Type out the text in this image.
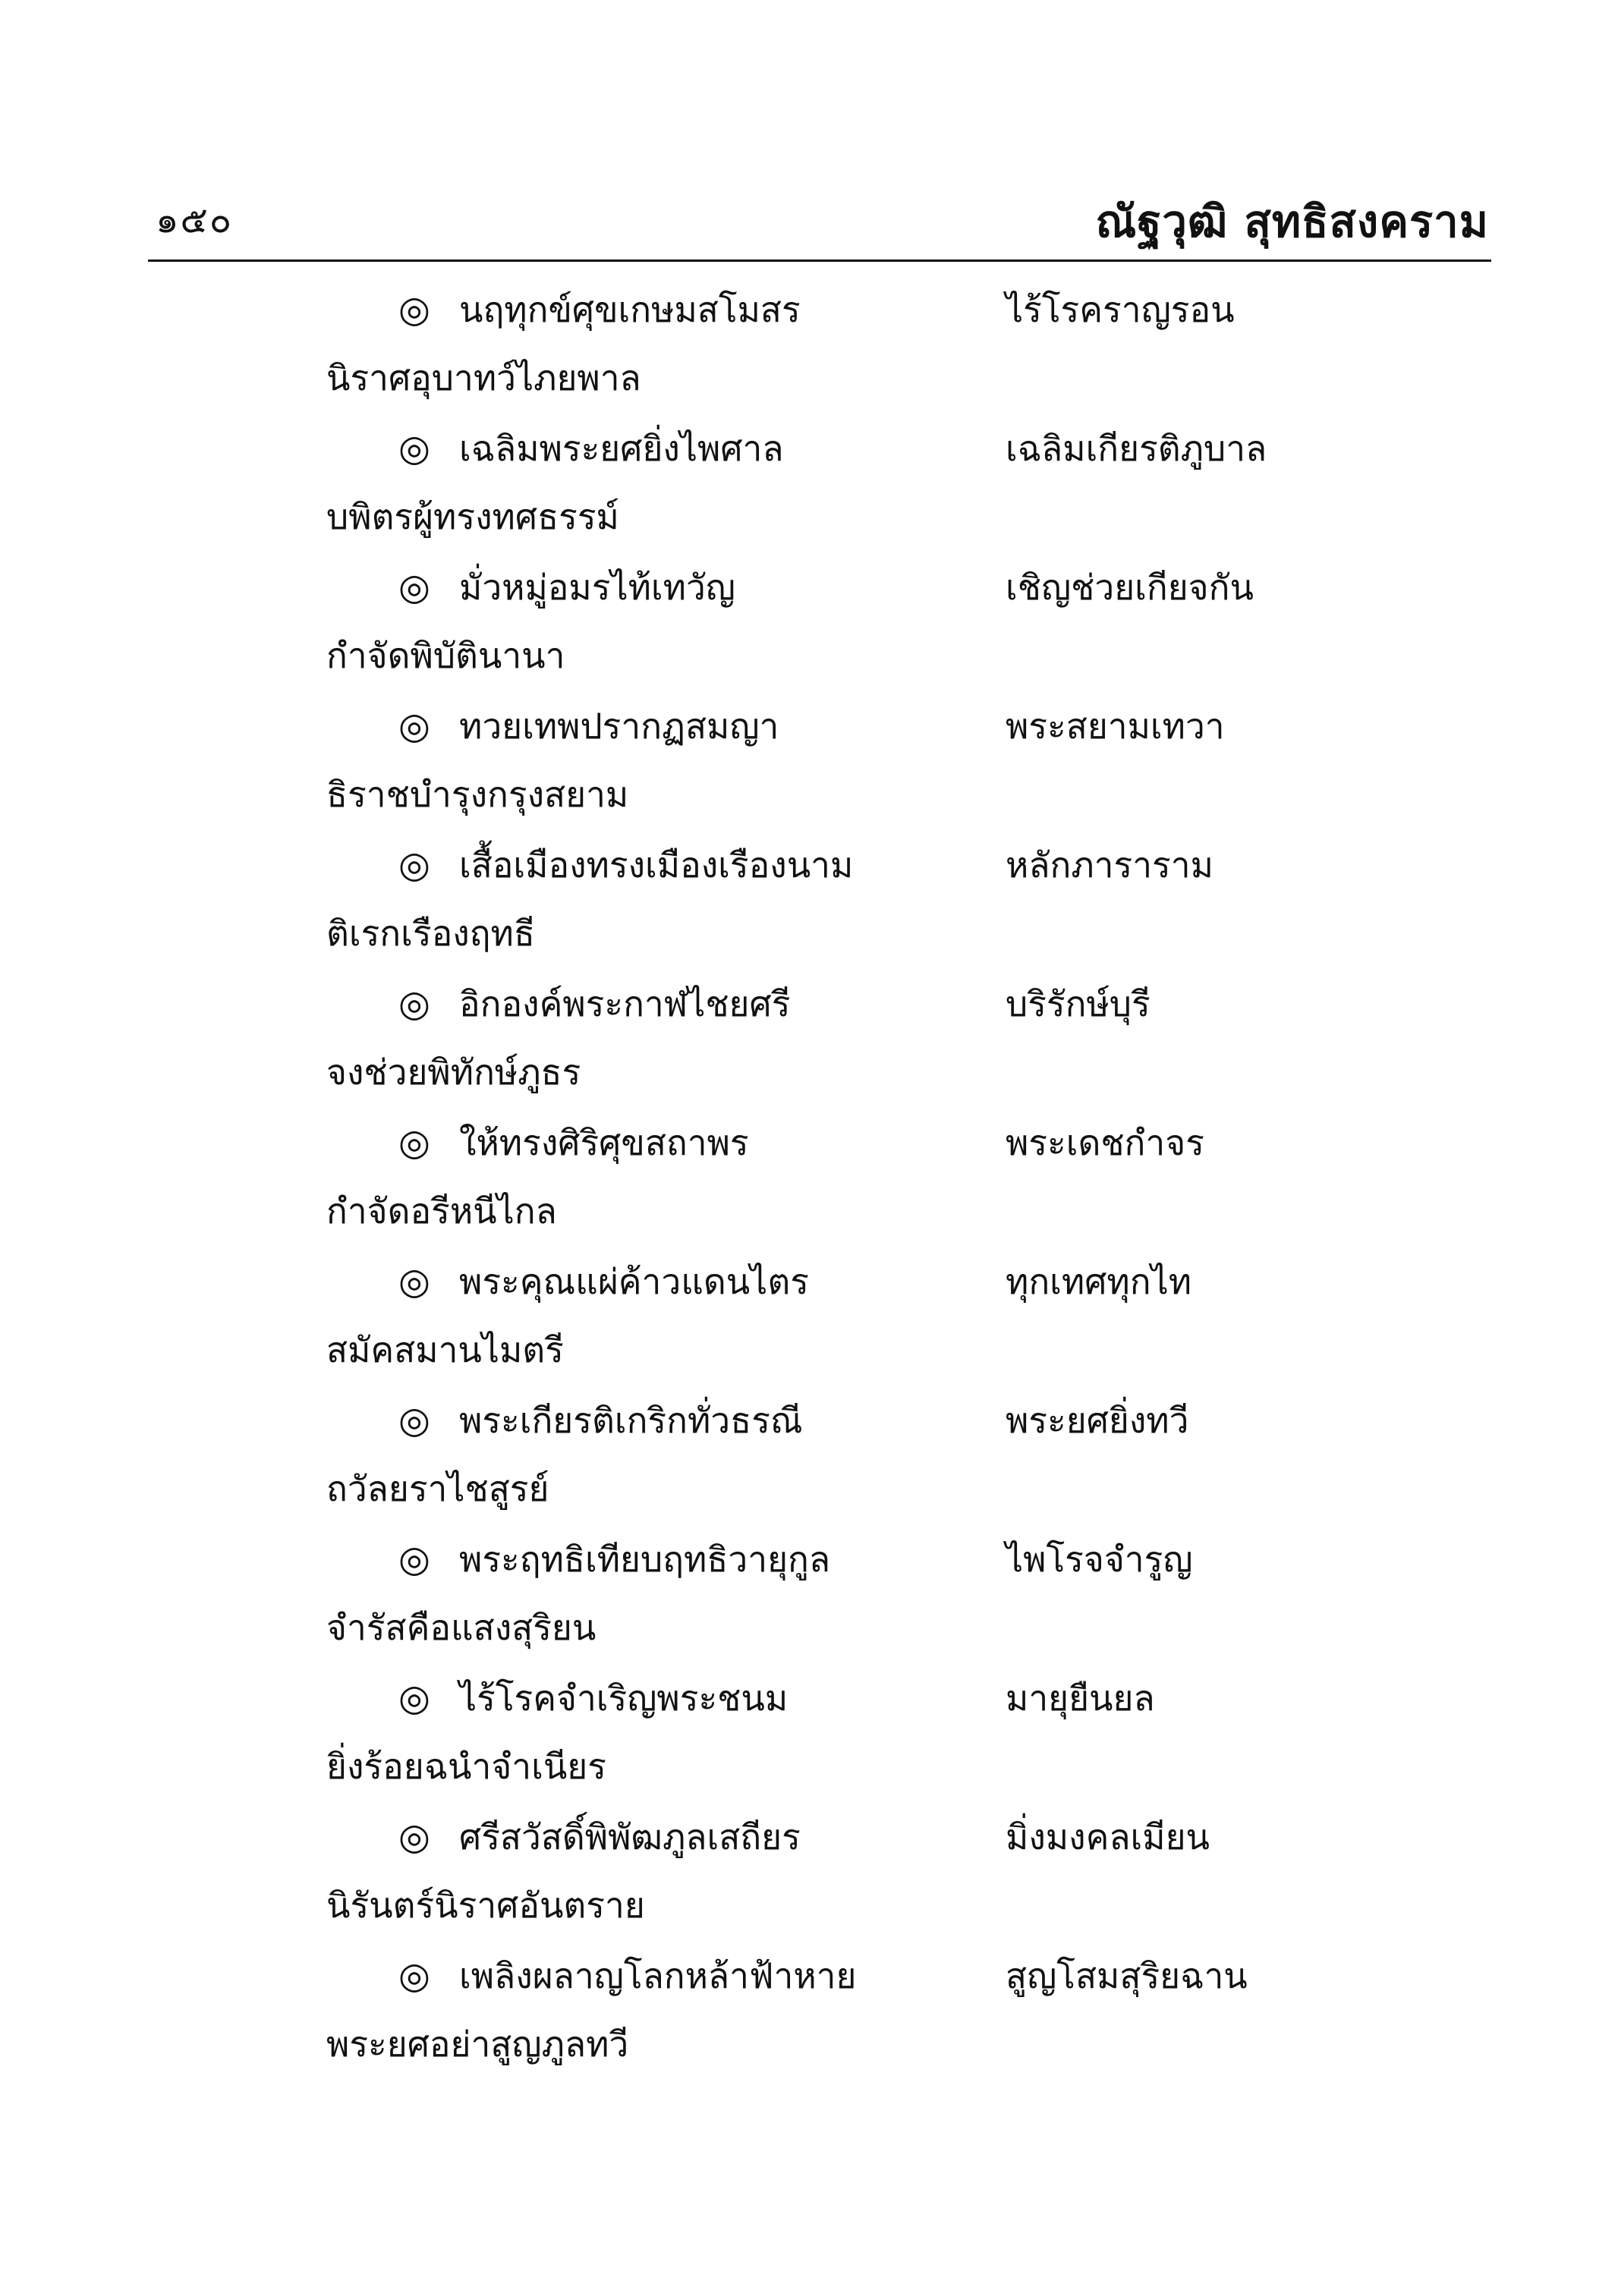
๑๕๐	ณัฐวุฒิ สุทธิสงคราม
◎ นฤทุกข์ศุขเกษมสโมสร	ไร้โรคราญรอน
นิราศอุบาทว์ไภยพาล
◎ เฉลิมพระยศยิ่งไพศาล	เฉลิมเกียรติภูบาล
บพิตรผู้ทรงทศธรรม์
◎ มั่วหมู่อมรไท้เทวัญ	เชิญช่วยเกียจกัน
กำจัดพิบัตินานา
◎ ทวยเทพปรากฏสมญา	พระสยามเทวา
ธิราชบำรุงกรุงสยาม
◎ เสื้อเมืองทรงเมืองเรืองนาม	หลักภาราราม
ติเรกเรืองฤทธี
◎ อิกองค์พระกาฬไชยศรี	บริรักษ์บุรี
จงช่วยพิทักษ์ภูธร
◎ ให้ทรงศิริศุขสถาพร	พระเดชกำจร
กำจัดอรีหนีไกล
◎ พระคุณแผ่ค้าวแดนไตร	ทุกเทศทุกไท
สมัคสมานไมตรี
◎ พระเกียรติเกริกทั่วธรณี	พระยศยิ่งทวี
ถวัลยราไชสูรย์
◎ พระฤทธิเทียบฤทธิวายุกูล	ไพโรจจำรูญ
จำรัสคือแสงสุริยน
◎ ไร้โรคจำเริญพระชนม	มายุยืนยล
ยิ่งร้อยฉนำจำเนียร
◎ ศรีสวัสดิ์พิพัฒภูลเสถียร	มิ่งมงคลเมียน
นิรันตร์นิราศอันตราย
◎ เพลิงผลาญโลกหล้าฟ้าหาย	สูญโสมสุริยฉาน
พระยศอย่าสูญภูลทวี
